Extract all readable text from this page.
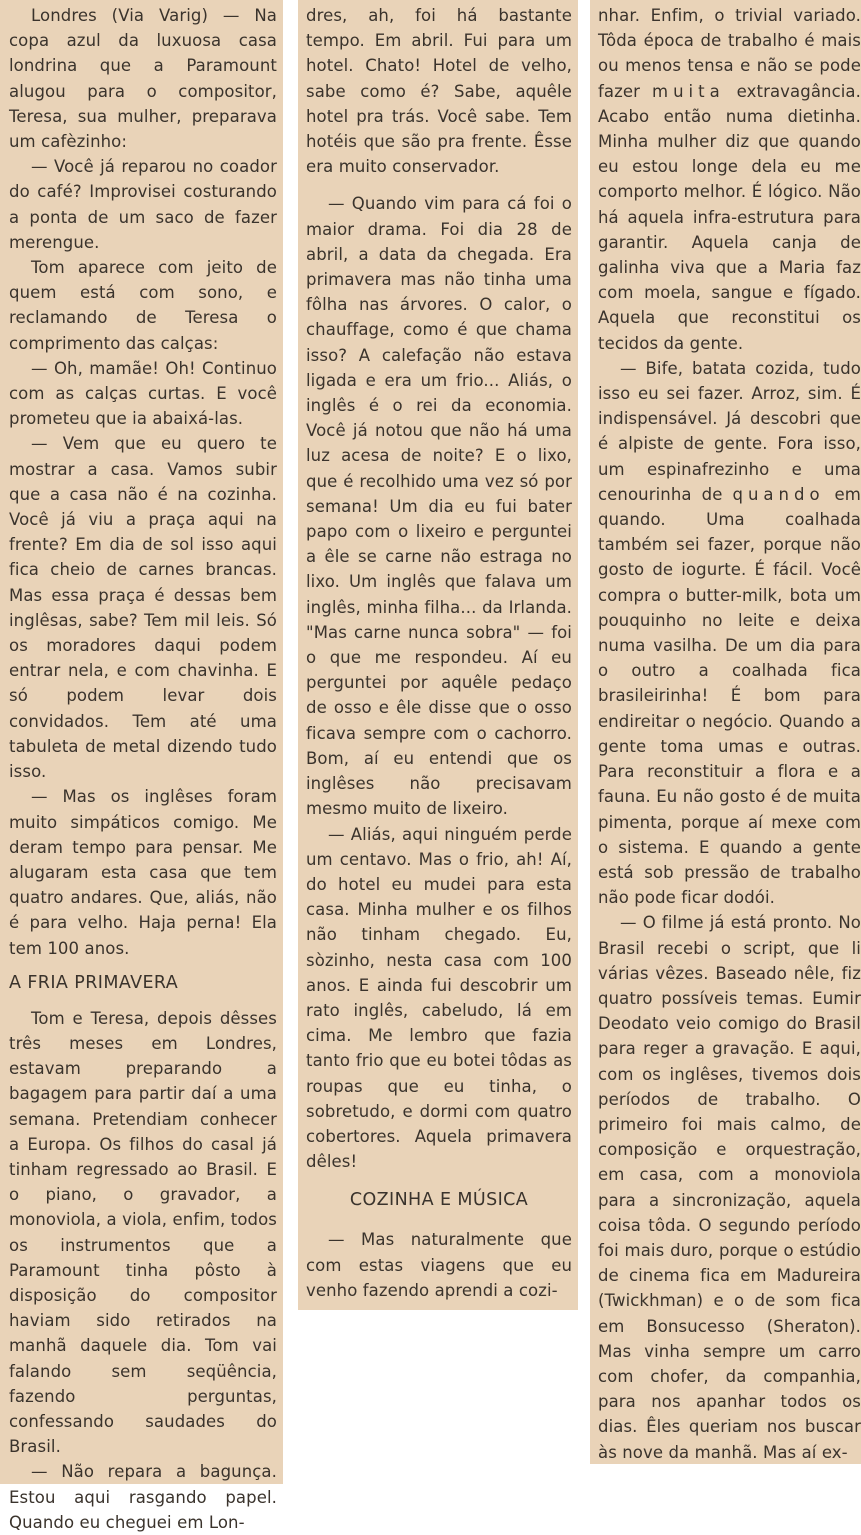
Londres (Via Varig) — Na copa azul da luxuosa casa londrina que a Paramount alugou para o compositor, Teresa, sua mulher, preparava um cafèzinho:

— Você já reparou no coador do café? Improvisei costurando a ponta de um saco de fazer merengue.

Tom aparece com jeito de quem está com sono, e reclamando de Teresa o comprimento das calças:

— Oh, mamãe! Oh! Continuo com as calças curtas. E você prometeu que ia abaixá-las.

— Vem que eu quero te mostrar a casa. Vamos subir que a casa não é na cozinha. Você já viu a praça aqui na frente? Em dia de sol isso aqui fica cheio de carnes brancas. Mas essa praça é dessas bem inglêsas, sabe? Tem mil leis. Só os moradores daqui podem entrar nela, e com chavinha. E só podem levar dois convidados. Tem até uma tabuleta de metal dizendo tudo isso.

— Mas os inglêses foram muito simpáticos comigo. Me deram tempo para pensar. Me alugaram esta casa que tem quatro andares. Que, aliás, não é para velho. Haja perna! Ela tem 100 anos.

A FRIA PRIMAVERA

Tom e Teresa, depois dêsses três meses em Londres, estavam preparando a bagagem para partir daí a uma semana. Pretendiam conhecer a Europa. Os filhos do casal já tinham regressado ao Brasil. E o piano, o gravador, a monoviola, a viola, enfim, todos os instrumentos que a Paramount tinha pôsto à disposição do compositor haviam sido retirados na manhã daquele dia. Tom vai falando sem seqüência, fazendo perguntas, confessando saudades do Brasil.

— Não repara a bagunça. Estou aqui rasgando papel. Quando eu cheguei em Lon-

dres, ah, foi há bastante tempo. Em abril. Fui para um hotel. Chato! Hotel de velho, sabe como é? Sabe, aquêle hotel pra trás. Você sabe. Tem hotéis que são pra frente. Êsse era muito conservador.

— Quando vim para cá foi o maior drama. Foi dia 28 de abril, a data da chegada. Era primavera mas não tinha uma fôlha nas árvores. O calor, o chauffage, como é que chama isso? A calefação não estava ligada e era um frio... Aliás, o inglês é o rei da economia. Você já notou que não há uma luz acesa de noite? E o lixo, que é recolhido uma vez só por semana! Um dia eu fui bater papo com o lixeiro e perguntei a êle se carne não estraga no lixo. Um inglês que falava um inglês, minha filha... da Irlanda. "Mas carne nunca sobra" — foi o que me respondeu. Aí eu perguntei por aquêle pedaço de osso e êle disse que o osso ficava sempre com o cachorro. Bom, aí eu entendi que os inglêses não precisavam mesmo muito de lixeiro.

— Aliás, aqui ninguém perde um centavo. Mas o frio, ah! Aí, do hotel eu mudei para esta casa. Minha mulher e os filhos não tinham chegado. Eu, sòzinho, nesta casa com 100 anos. E ainda fui descobrir um rato inglês, cabeludo, lá em cima. Me lembro que fazia tanto frio que eu botei tôdas as roupas que eu tinha, o sobretudo, e dormi com quatro cobertores. Aquela primavera dêles!

COZINHA E MÚSICA

— Mas naturalmente que com estas viagens que eu venho fazendo aprendi a cozi-

nhar. Enfim, o trivial variado. Tôda época de trabalho é mais ou menos tensa e não se pode fazer muita extravagância. Acabo então numa dietinha. Minha mulher diz que quando eu estou longe dela eu me comporto melhor. É lógico. Não há aquela infra-estrutura para garantir. Aquela canja de galinha viva que a Maria faz com moela, sangue e fígado. Aquela que reconstitui os tecidos da gente.

— Bife, batata cozida, tudo isso eu sei fazer. Arroz, sim. É indispensável. Já descobri que é alpiste de gente. Fora isso, um espinafrezinho e uma cenourinha de quando em quando. Uma coalhada também sei fazer, porque não gosto de iogurte. É fácil. Você compra o butter-milk, bota um pouquinho no leite e deixa numa vasilha. De um dia para o outro a coalhada fica brasileirinha! É bom para endireitar o negócio. Quando a gente toma umas e outras. Para reconstituir a flora e a fauna. Eu não gosto é de muita pimenta, porque aí mexe com o sistema. E quando a gente está sob pressão de trabalho não pode ficar dodói.

— O filme já está pronto. No Brasil recebi o script, que li várias vêzes. Baseado nêle, fiz quatro possíveis temas. Eumir Deodato veio comigo do Brasil para reger a gravação. E aqui, com os inglêses, tivemos dois períodos de trabalho. O primeiro foi mais calmo, de composição e orquestração, em casa, com a monoviola para a sincronização, aquela coisa tôda. O segundo período foi mais duro, porque o estúdio de cinema fica em Madureira (Twickhman) e o de som fica em Bonsucesso (Sheraton). Mas vinha sempre um carro com chofer, da companhia, para nos apanhar todos os dias. Êles queriam nos buscar às nove da manhã. Mas aí ex-
